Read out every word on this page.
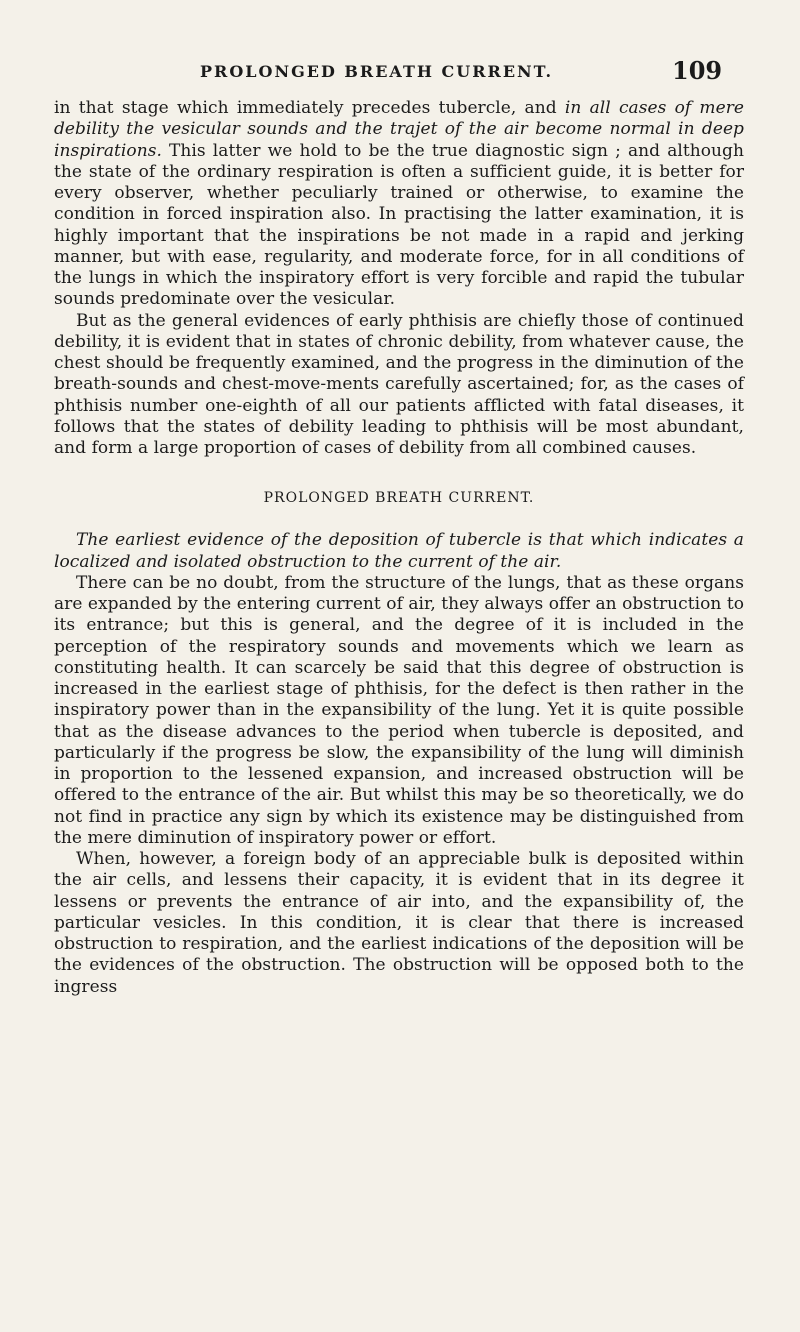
PROLONGED BREATH CURRENT.	109

in that stage which immediately precedes tubercle, and in all cases of mere debility the vesicular sounds and the trajet of the air become normal in deep inspirations. This latter we hold to be the true diagnostic sign ; and although the state of the ordinary respiration is often a sufficient guide, it is better for every observer, whether peculiarly trained or otherwise, to examine the condition in forced inspiration also. In practising the latter examination, it is highly important that the inspirations be not made in a rapid and jerking manner, but with ease, regularity, and moderate force, for in all conditions of the lungs in which the inspiratory effort is very forcible and rapid the tubular sounds predominate over the vesicular.

But as the general evidences of early phthisis are chiefly those of continued debility, it is evident that in states of chronic debility, from whatever cause, the chest should be frequently examined, and the progress in the diminution of the breath-sounds and chest-move-ments carefully ascertained; for, as the cases of phthisis number one-eighth of all our patients afflicted with fatal diseases, it follows that the states of debility leading to phthisis will be most abundant, and form a large proportion of cases of debility from all combined causes.

PROLONGED BREATH CURRENT.

The earliest evidence of the deposition of tubercle is that which indicates a localized and isolated obstruction to the current of the air.

There can be no doubt, from the structure of the lungs, that as these organs are expanded by the entering current of air, they always offer an obstruction to its entrance; but this is general, and the degree of it is included in the perception of the respiratory sounds and movements which we learn as constituting health. It can scarcely be said that this degree of obstruction is increased in the earliest stage of phthisis, for the defect is then rather in the inspiratory power than in the expansibility of the lung. Yet it is quite possible that as the disease advances to the period when tubercle is deposited, and particularly if the progress be slow, the expansibility of the lung will diminish in proportion to the lessened expansion, and increased obstruction will be offered to the entrance of the air. But whilst this may be so theoretically, we do not find in practice any sign by which its existence may be distinguished from the mere diminution of inspiratory power or effort.

When, however, a foreign body of an appreciable bulk is deposited within the air cells, and lessens their capacity, it is evident that in its degree it lessens or prevents the entrance of air into, and the expansibility of, the particular vesicles. In this condition, it is clear that there is increased obstruction to respiration, and the earliest indications of the deposition will be the evidences of the obstruction. The obstruction will be opposed both to the ingress
